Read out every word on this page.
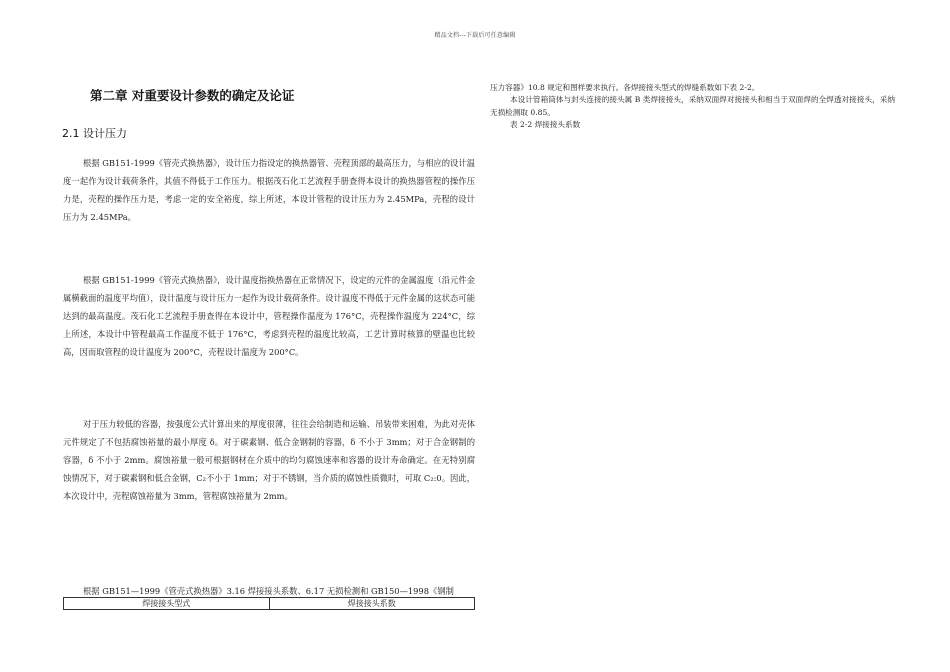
精品文档---下载后可任意编辑
第二章 对重要设计参数的确定及论证
2.1 设计压力

根据 GB151-1999《管壳式换热器》，设计压力指设定的换热器管、壳程顶部的最高压力，与相应的设计温度一起作为设计载荷条件，其值不得低于工作压力。根据茂石化工艺流程手册查得本设计的换热器管程的操作压力是，壳程的操作压力是，考虑一定的安全裕度，综上所述，本设计管程的设计压力为 2.45MPa，壳程的设计压力为 2.45MPa。

根据 GB151-1999《管壳式换热器》，设计温度指换热器在正常情况下，设定的元件的金属温度（沿元件金属横截面的温度平均值），设计温度与设计压力一起作为设计载荷条件。设计温度不得低于元件金属的这状态可能达到的最高温度。茂石化工艺流程手册查得在本设计中，管程操作温度为 176°C，壳程操作温度为 224°C，综上所述，本设计中管程最高工作温度不低于 176°C，考虑到壳程的温度比较高，工艺计算时核算的壁温也比较高，因而取管程的设计温度为 200°C，壳程设计温度为 200°C。

对于压力较低的容器，按强度公式计算出来的厚度很薄，往往会给制造和运输、吊装带来困难，为此对壳体元件规定了不包括腐蚀裕量的最小厚度 δ。对于碳素钢、低合金钢制的容器，δ 不小于 3mm；对于合金钢制的容器，δ 不小于 2mm。腐蚀裕量一般可根据钢材在介质中的均匀腐蚀速率和容器的设计寿命确定。在无特别腐蚀情况下，对于碳素钢和低合金钢，C₂不小于 1mm；对于不锈钢，当介质的腐蚀性质微时，可取 C₂:0。因此，本次设计中，壳程腐蚀裕量为 3mm，管程腐蚀裕量为 2mm。

根据 GB151—1999《管壳式换热器》3.16 焊接接头系数、6.17 无损检测和 GB150—1998《钢制

压力容器》10.8 规定和图样要求执行。各焊接接头型式的焊缝系数如下表 2-2。

本设计管箱筒体与封头连接的接头属 B 类焊接接头，采纳双面焊对接接头和相当于双面焊的全焊透对接接头，采纳无损检测取 0.85。

表 2-2 焊接接头系数

焊接接头型式	焊接接头系数
